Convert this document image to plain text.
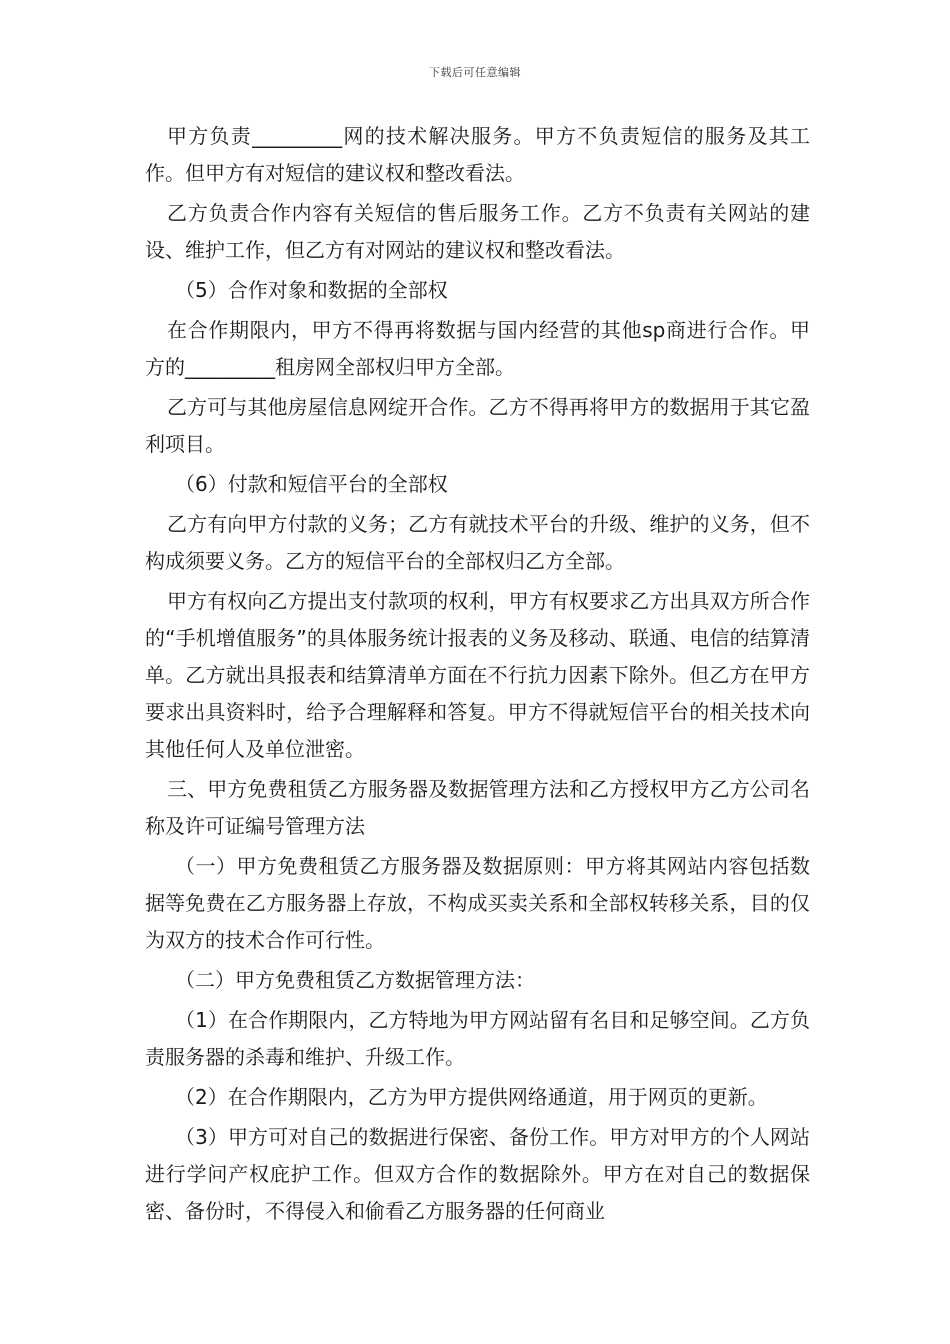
下载后可任意编辑

甲方负责_________网的技术解决服务。甲方不负责短信的服务及其工作。但甲方有对短信的建议权和整改看法。

乙方负责合作内容有关短信的售后服务工作。乙方不负责有关网站的建设、维护工作，但乙方有对网站的建议权和整改看法。

（5）合作对象和数据的全部权

在合作期限内，甲方不得再将数据与国内经营的其他sp商进行合作。甲方的_________租房网全部权归甲方全部。

乙方可与其他房屋信息网绽开合作。乙方不得再将甲方的数据用于其它盈利项目。

（6）付款和短信平台的全部权

乙方有向甲方付款的义务；乙方有就技术平台的升级、维护的义务，但不构成须要义务。乙方的短信平台的全部权归乙方全部。

甲方有权向乙方提出支付款项的权利，甲方有权要求乙方出具双方所合作的“手机增值服务”的具体服务统计报表的义务及移动、联通、电信的结算清单。乙方就出具报表和结算清单方面在不行抗力因素下除外。但乙方在甲方要求出具资料时，给予合理解释和答复。甲方不得就短信平台的相关技术向其他任何人及单位泄密。

三、甲方免费租赁乙方服务器及数据管理方法和乙方授权甲方乙方公司名称及许可证编号管理方法

（一）甲方免费租赁乙方服务器及数据原则：甲方将其网站内容包括数据等免费在乙方服务器上存放，不构成买卖关系和全部权转移关系，目的仅为双方的技术合作可行性。

（二）甲方免费租赁乙方数据管理方法：

（1）在合作期限内，乙方特地为甲方网站留有名目和足够空间。乙方负责服务器的杀毒和维护、升级工作。

（2）在合作期限内，乙方为甲方提供网络通道，用于网页的更新。

（3）甲方可对自己的数据进行保密、备份工作。甲方对甲方的个人网站进行学问产权庇护工作。但双方合作的数据除外。甲方在对自己的数据保密、备份时，不得侵入和偷看乙方服务器的任何商业
